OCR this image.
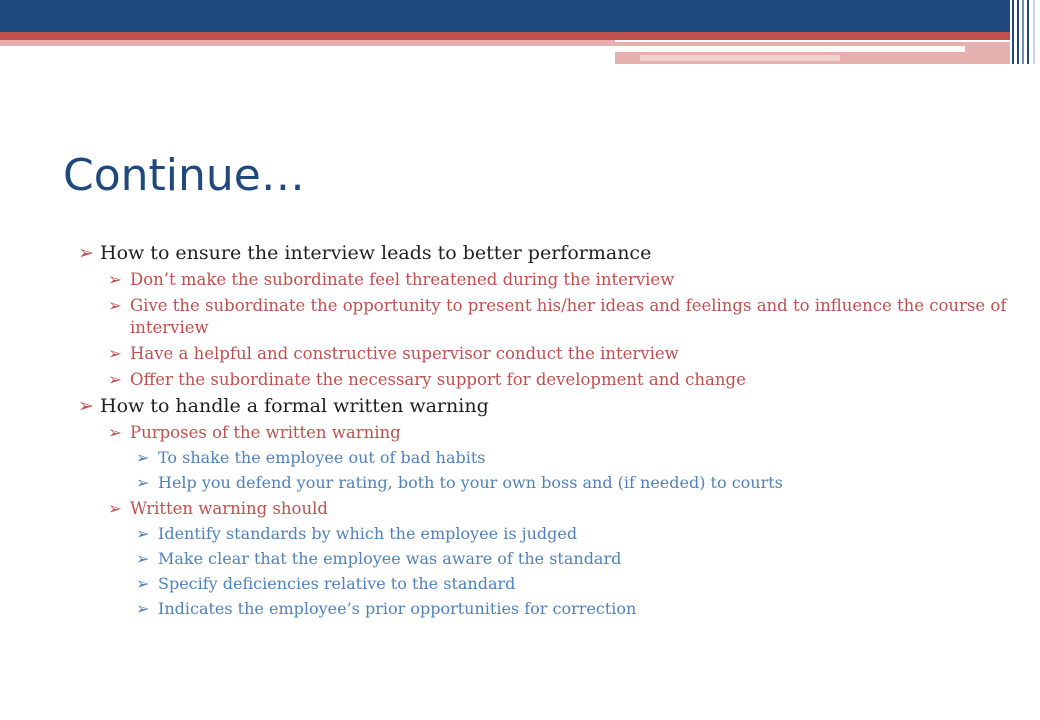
Continue…
➢ How to ensure the interview leads to better performance
➢ Don’t make the subordinate feel threatened during the interview
➢ Give the subordinate the opportunity to present his/her ideas and feelings and to influence the course of interview
➢ Have a helpful and constructive supervisor conduct the interview
➢ Offer the subordinate the necessary support for development and change
➢ How to handle a formal written warning
➢ Purposes of the written warning
➢ To shake the employee out of bad habits
➢ Help you defend your rating, both to your own boss and (if needed) to courts
➢ Written warning should
➢ Identify standards by which the employee is judged
➢ Make clear that the employee was aware of the standard
➢ Specify deficiencies relative to the standard
➢ Indicates the employee’s prior opportunities for correction
